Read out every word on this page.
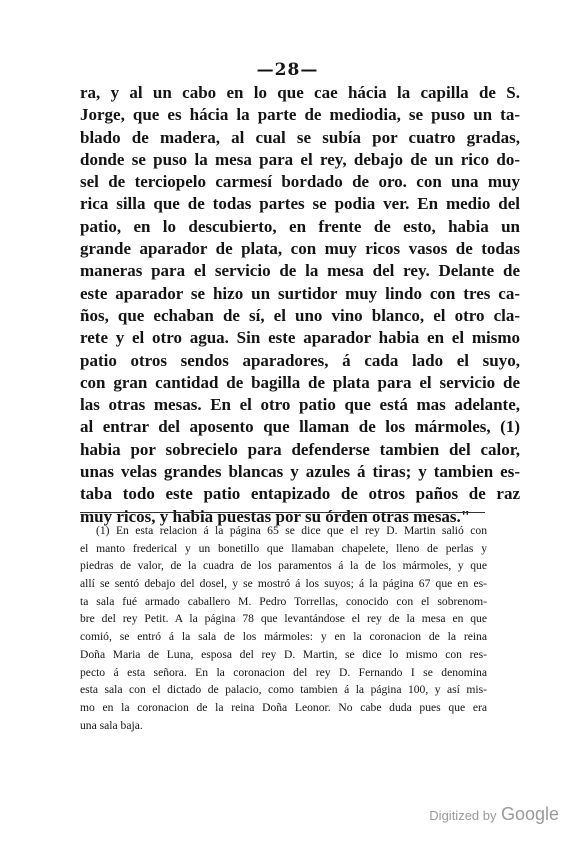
—28—
ra, y al un cabo en lo que cae hácia la capilla de S.
Jorge, que es hácia la parte de mediodia, se puso un ta-
blado de madera, al cual se subía por cuatro gradas,
donde se puso la mesa para el rey, debajo de un rico do-
sel de terciopelo carmesí bordado de oro. con una muy
rica silla que de todas partes se podia ver. En medio del
patio, en lo descubierto, en frente de esto, habia un
grande aparador de plata, con muy ricos vasos de todas
maneras para el servicio de la mesa del rey. Delante de
este aparador se hizo un surtidor muy lindo con tres ca-
ños, que echaban de sí, el uno vino blanco, el otro cla-
rete y el otro agua. Sin este aparador habia en el mismo
patio otros sendos aparadores, á cada lado el suyo,
con gran cantidad de bagilla de plata para el servicio de
las otras mesas. En el otro patio que está mas adelante,
al entrar del aposento que llaman de los mármoles, (1)
habia por sobrecielo para defenderse tambien del calor,
unas velas grandes blancas y azules á tiras; y tambien es-
taba todo este patio entapizado de otros paños de raz
muy ricos, y habia puestas por su órden otras mesas."
(1) En esta relacion á la página 65 se dice que el rey D. Martin salió con
el manto frederical y un bonetillo que llamaban chapelete, lleno de perlas y
piedras de valor, de la cuadra de los paramentos á la de los mármoles, y que
allí se sentó debajo del dosel, y se mostró á los suyos; á la página 67 que en es-
ta sala fué armado caballero M. Pedro Torrellas, conocido con el sobrenom-
bre del rey Petit. A la página 78 que levantándose el rey de la mesa en que
comió, se entró á la sala de los mármoles: y en la coronacion de la reina
Doña Maria de Luna, esposa del rey D. Martin, se dice lo mismo con res-
pecto á esta señora. En la coronacion del rey D. Fernando I se denomina
esta sala con el dictado de palacio, como tambien á la página 100, y así mis-
mo en la coronacion de la reina Doña Leonor. No cabe duda pues que era
una sala baja.
Digitized by Google
